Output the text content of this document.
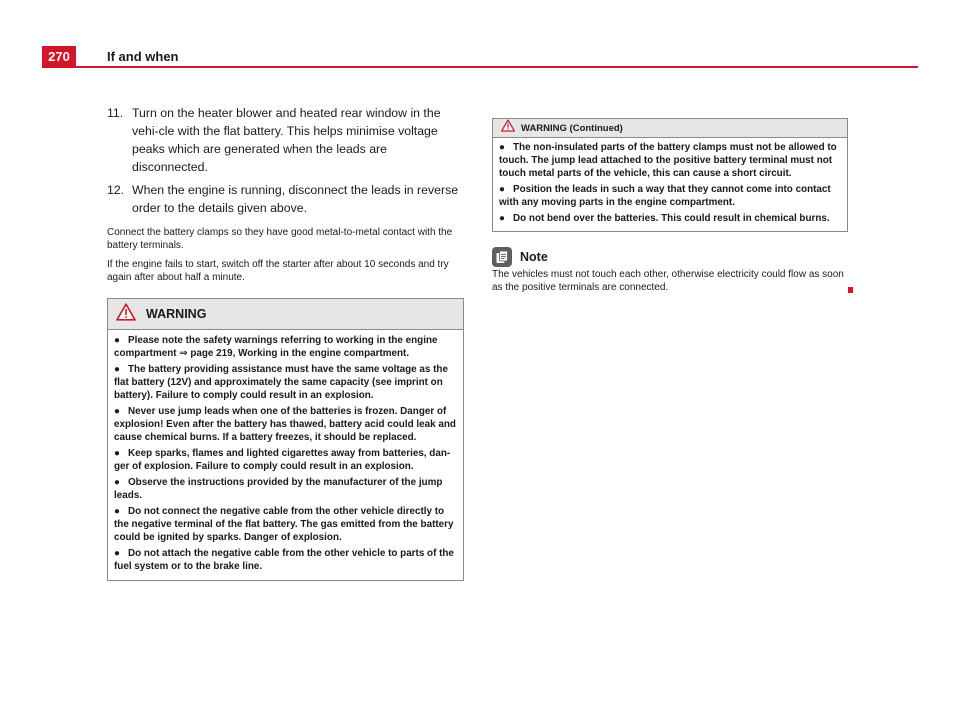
270	If and when
11. Turn on the heater blower and heated rear window in the vehi-cle with the flat battery. This helps minimise voltage peaks which are generated when the leads are disconnected.
12. When the engine is running, disconnect the leads in reverse order to the details given above.

Connect the battery clamps so they have good metal-to-metal contact with the battery terminals.

If the engine fails to start, switch off the starter after about 10 seconds and try again after about half a minute.

WARNING

● Please note the safety warnings referring to working in the engine compartment ⇒ page 219, Working in the engine compartment.

● The battery providing assistance must have the same voltage as the flat battery (12V) and approximately the same capacity (see imprint on battery). Failure to comply could result in an explosion.

● Never use jump leads when one of the batteries is frozen. Danger of explosion! Even after the battery has thawed, battery acid could leak and cause chemical burns. If a battery freezes, it should be replaced.

● Keep sparks, flames and lighted cigarettes away from batteries, dan-ger of explosion. Failure to comply could result in an explosion.

● Observe the instructions provided by the manufacturer of the jump leads.

● Do not connect the negative cable from the other vehicle directly to the negative terminal of the flat battery. The gas emitted from the battery could be ignited by sparks. Danger of explosion.

● Do not attach the negative cable from the other vehicle to parts of the fuel system or to the brake line.

WARNING (Continued)

● The non-insulated parts of the battery clamps must not be allowed to touch. The jump lead attached to the positive battery terminal must not touch metal parts of the vehicle, this can cause a short circuit.

● Position the leads in such a way that they cannot come into contact with any moving parts in the engine compartment.

● Do not bend over the batteries. This could result in chemical burns.

Note

The vehicles must not touch each other, otherwise electricity could flow as soon as the positive terminals are connected.
